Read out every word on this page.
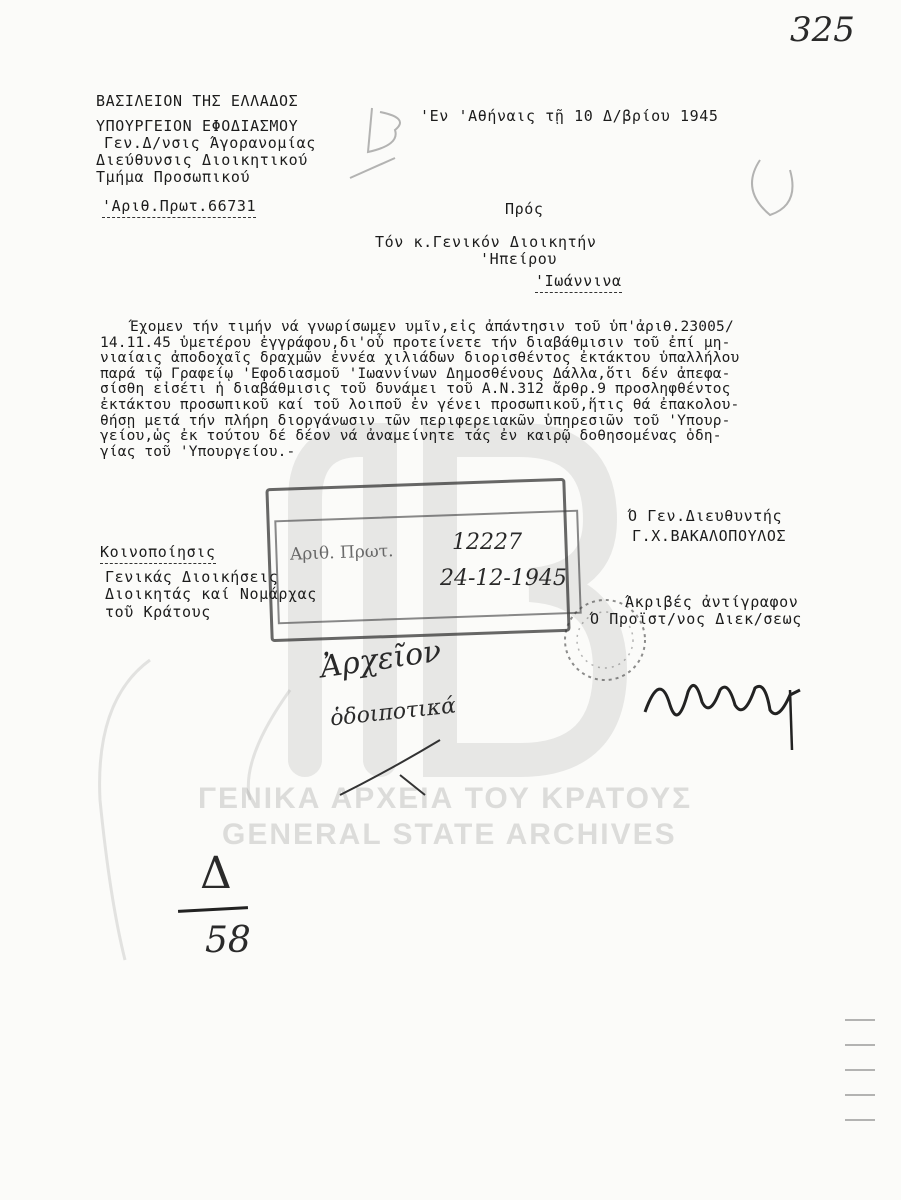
ΓΕΝΙΚΑ ΑΡΧΕΙΑ ΤΟΥ ΚΡΑΤΟΥΣ
GENERAL STATE ARCHIVES
325
ΒΑΣΙΛΕΙΟΝ ΤΗΣ ΕΛΛΑΔΟΣ
ΥΠΟΥΡΓΕΙΟΝ ΕΦΟΔΙΑΣΜΟΥ
Γεν.Δ/νσις Άγορανομίας
Διεύθυνσις Διοικητικού
Τμήμα Προσωπικού
'Αριθ.Πρωτ.66731
'Εν 'Αθήναις τῇ 10 Δ/βρίου 1945
Πρός
Τόν κ.Γενικόν Διοικητήν
'Ηπείρου
'Ιωάννινα
Έχομεν τήν τιμήν νά γνωρίσωμεν υμῖν,εἰς ἀπάντησιν τοῦ ὑπ'ἀριθ.23005/
14.11.45 ὑμετέρου ἐγγράφου,δι'οὗ προτείνετε τήν διαβάθμισιν τοῦ ἐπί μη-
νιαίαις ἀποδοχαῖς δραχμῶν ἐννέα χιλιάδων διορισθέντος ἐκτάκτου ὑπαλλήλου
παρά τῷ Γραφείῳ 'Εφοδιασμοῦ 'Ιωαννίνων Δημοσθένους Δάλλα,ὅτι δέν ἀπεφα-
σίσθη εἰσέτι ἡ διαβάθμισις τοῦ δυνάμει τοῦ Α.Ν.312 ἄρθρ.9 προσληφθέντος
ἐκτάκτου προσωπικοῦ καί τοῦ λοιποῦ ἐν γένει προσωπικοῦ,ἥτις θά ἐπακολου-
θήσῃ μετά τήν πλήρη διοργάνωσιν τῶν περιφερειακῶν ὑπηρεσιῶν τοῦ 'Υπουρ-
γείου,ὡς ἐκ τούτου δέ δέον νά ἀναμείνητε τάς ἐν καιρῷ δοθησομένας ὁδη-
γίας τοῦ 'Υπουργείου.-
Ό Γεν.Διευθυντής
Γ.Χ.ΒΑΚΑΛΟΠΟΥΛΟΣ
Άκριβές ἀντίγραφον
Ό Προϊστ/νος Διεκ/σεως
Κοινοποίησις
Γενικάς Διοικήσεις
Διοικητάς καί Νομάρχας
τοῦ Κράτους
Αριθ. Πρωτ.	12227
24-12-1945
Ἀρχεῖον
ὁδοιποτικά
Δ
58
